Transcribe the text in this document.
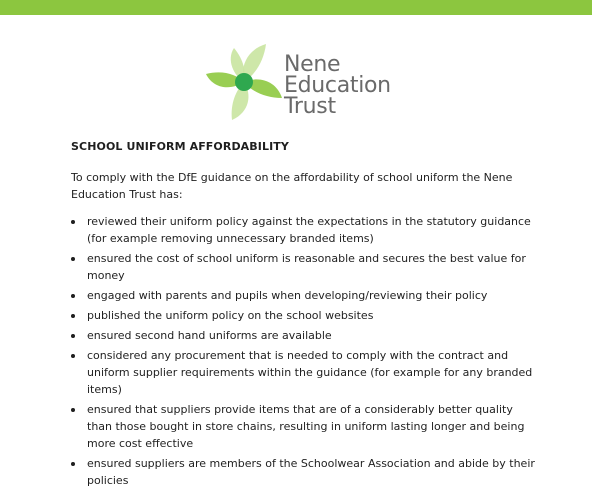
Nene
Education
Trust
SCHOOL UNIFORM AFFORDABILITY
To comply with the DfE guidance on the affordability of school uniform the Nene Education Trust has:
reviewed their uniform policy against the expectations in the statutory guidance (for example removing unnecessary branded items)
ensured the cost of school uniform is reasonable and secures the best value for money
engaged with parents and pupils when developing/reviewing their policy
published the uniform policy on the school websites
ensured second hand uniforms are available
considered any procurement that is needed to comply with the contract and uniform supplier requirements within the guidance (for example for any branded items)
ensured that suppliers provide items that are of a considerably better quality than those bought in store chains, resulting in uniform lasting longer and being more cost effective
ensured suppliers are members of the Schoolwear Association and abide by their policies
